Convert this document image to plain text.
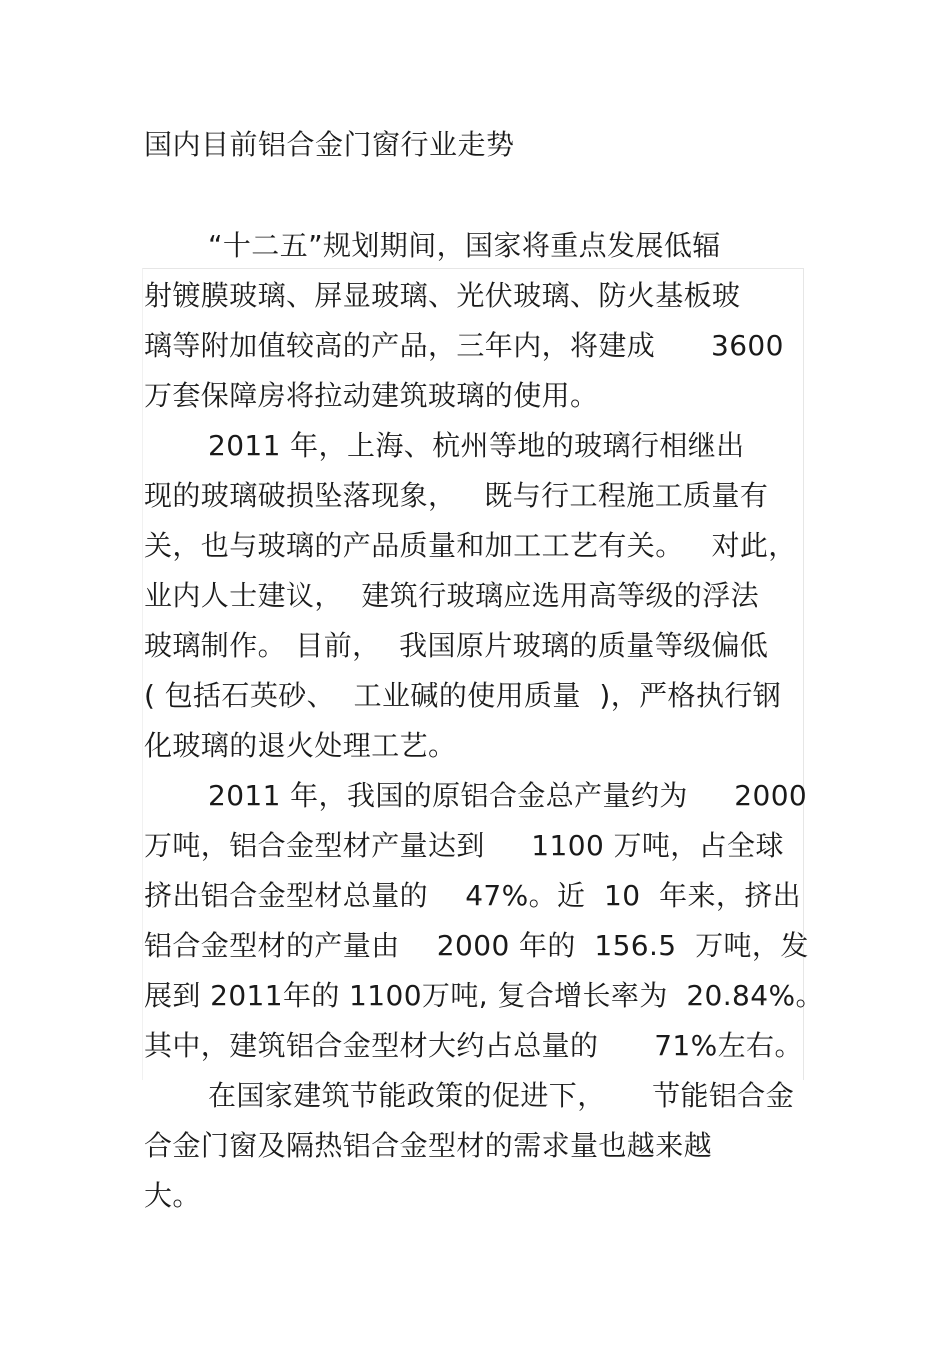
国内目前铝合金门窗行业走势
“十二五”规划期间，国家将重点发展低辐
射镀膜玻璃、屏显玻璃、光伏玻璃、防火基板玻
璃等附加值较高的产品，三年内，将建成      3600
万套保障房将拉动建筑玻璃的使用。
2011 年，上海、杭州等地的玻璃行相继出
现的玻璃破损坠落现象，   既与行工程施工质量有
关，也与玻璃的产品质量和加工工艺有关。   对此，
业内人士建议，  建筑行玻璃应选用高等级的浮法
玻璃制作。 目前，  我国原片玻璃的质量等级偏低
( 包括石英砂、  工业碱的使用质量  )，严格执行钢
化玻璃的退火处理工艺。
2011 年，我国的原铝合金总产量约为     2000
万吨，铝合金型材产量达到     1100 万吨，占全球
挤出铝合金型材总量的    47%。近  10  年来，挤出
铝合金型材的产量由    2000 年的  156.5  万吨，发
展到 2011年的 1100万吨, 复合增长率为  20.84%。
其中，建筑铝合金型材大约占总量的      71%左右。
在国家建筑节能政策的促进下，     节能铝合金
合金门窗及隔热铝合金型材的需求量也越来越
大。
